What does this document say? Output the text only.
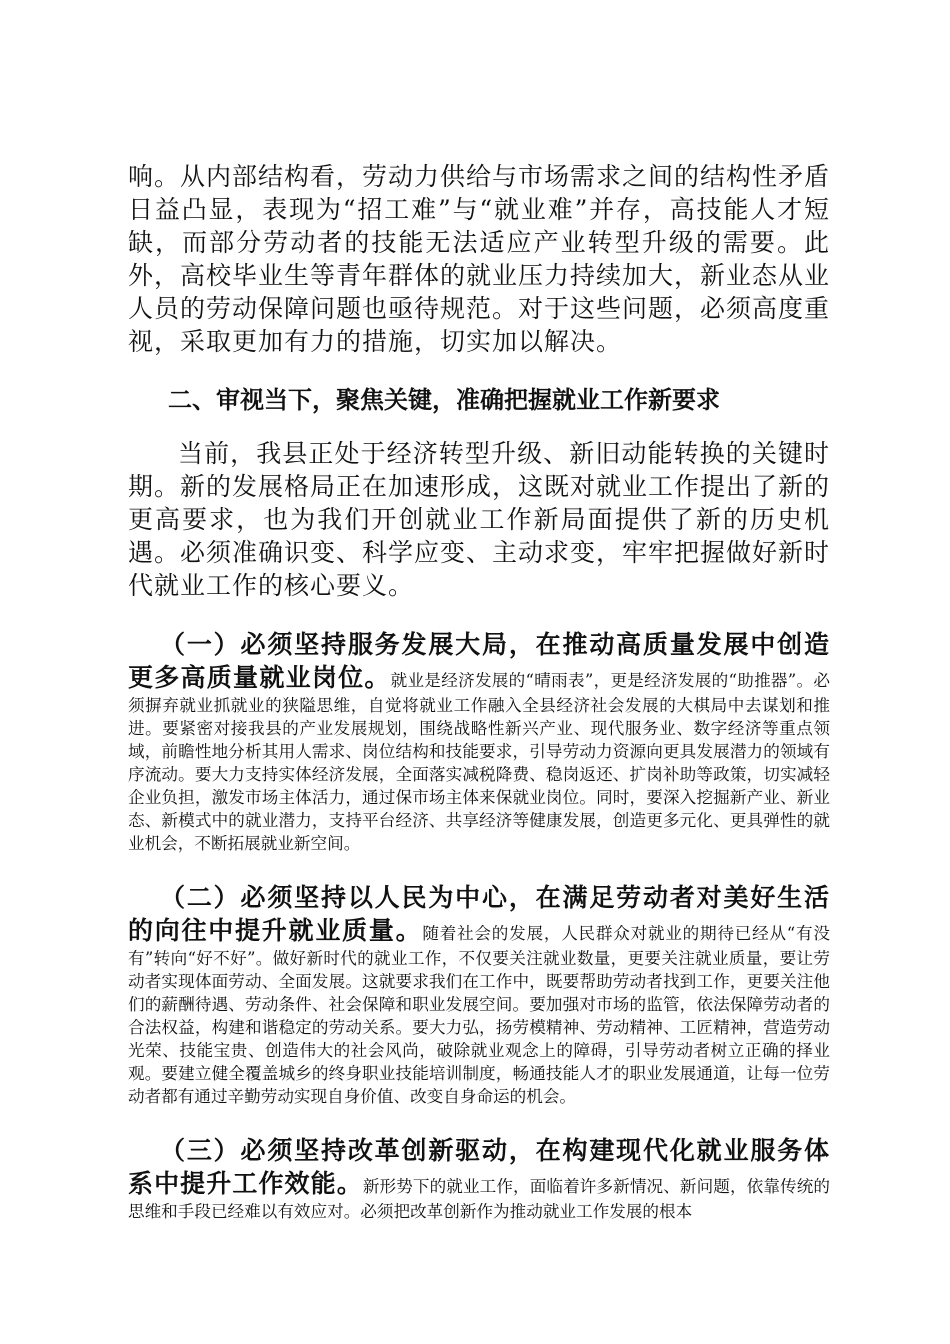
响。从内部结构看，劳动力供给与市场需求之间的结构性矛盾日益凸显，表现为“招工难”与“就业难”并存，高技能人才短缺，而部分劳动者的技能无法适应产业转型升级的需要。此外，高校毕业生等青年群体的就业压力持续加大，新业态从业人员的劳动保障问题也亟待规范。对于这些问题，必须高度重视，采取更加有力的措施，切实加以解决。

二、审视当下，聚焦关键，准确把握就业工作新要求

当前，我县正处于经济转型升级、新旧动能转换的关键时期。新的发展格局正在加速形成，这既对就业工作提出了新的更高要求，也为我们开创就业工作新局面提供了新的历史机遇。必须准确识变、科学应变、主动求变，牢牢把握做好新时代就业工作的核心要义。

（一）必须坚持服务发展大局，在推动高质量发展中创造更多高质量就业岗位。就业是经济发展的“晴雨表”，更是经济发展的“助推器”。必须摒弃就业抓就业的狭隘思维，自觉将就业工作融入全县经济社会发展的大棋局中去谋划和推进。要紧密对接我县的产业发展规划，围绕战略性新兴产业、现代服务业、数字经济等重点领域，前瞻性地分析其用人需求、岗位结构和技能要求，引导劳动力资源向更具发展潜力的领域有序流动。要大力支持实体经济发展，全面落实减税降费、稳岗返还、扩岗补助等政策，切实减轻企业负担，激发市场主体活力，通过保市场主体来保就业岗位。同时，要深入挖掘新产业、新业态、新模式中的就业潜力，支持平台经济、共享经济等健康发展，创造更多元化、更具弹性的就业机会，不断拓展就业新空间。
（二）必须坚持以人民为中心，在满足劳动者对美好生活的向往中提升就业质量。随着社会的发展，人民群众对就业的期待已经从“有没有”转向“好不好”。做好新时代的就业工作，不仅要关注就业数量，更要关注就业质量，要让劳动者实现体面劳动、全面发展。这就要求我们在工作中，既要帮助劳动者找到工作，更要关注他们的薪酬待遇、劳动条件、社会保障和职业发展空间。要加强对市场的监管，依法保障劳动者的合法权益，构建和谐稳定的劳动关系。要大力弘，扬劳模精神、劳动精神、工匠精神，营造劳动光荣、技能宝贵、创造伟大的社会风尚，破除就业观念上的障碍，引导劳动者树立正确的择业观。要建立健全覆盖城乡的终身职业技能培训制度，畅通技能人才的职业发展通道，让每一位劳动者都有通过辛勤劳动实现自身价值、改变自身命运的机会。
（三）必须坚持改革创新驱动，在构建现代化就业服务体系中提升工作效能。新形势下的就业工作，面临着许多新情况、新问题，依靠传统的思维和手段已经难以有效应对。必须把改革创新作为推动就业工作发展的根本
